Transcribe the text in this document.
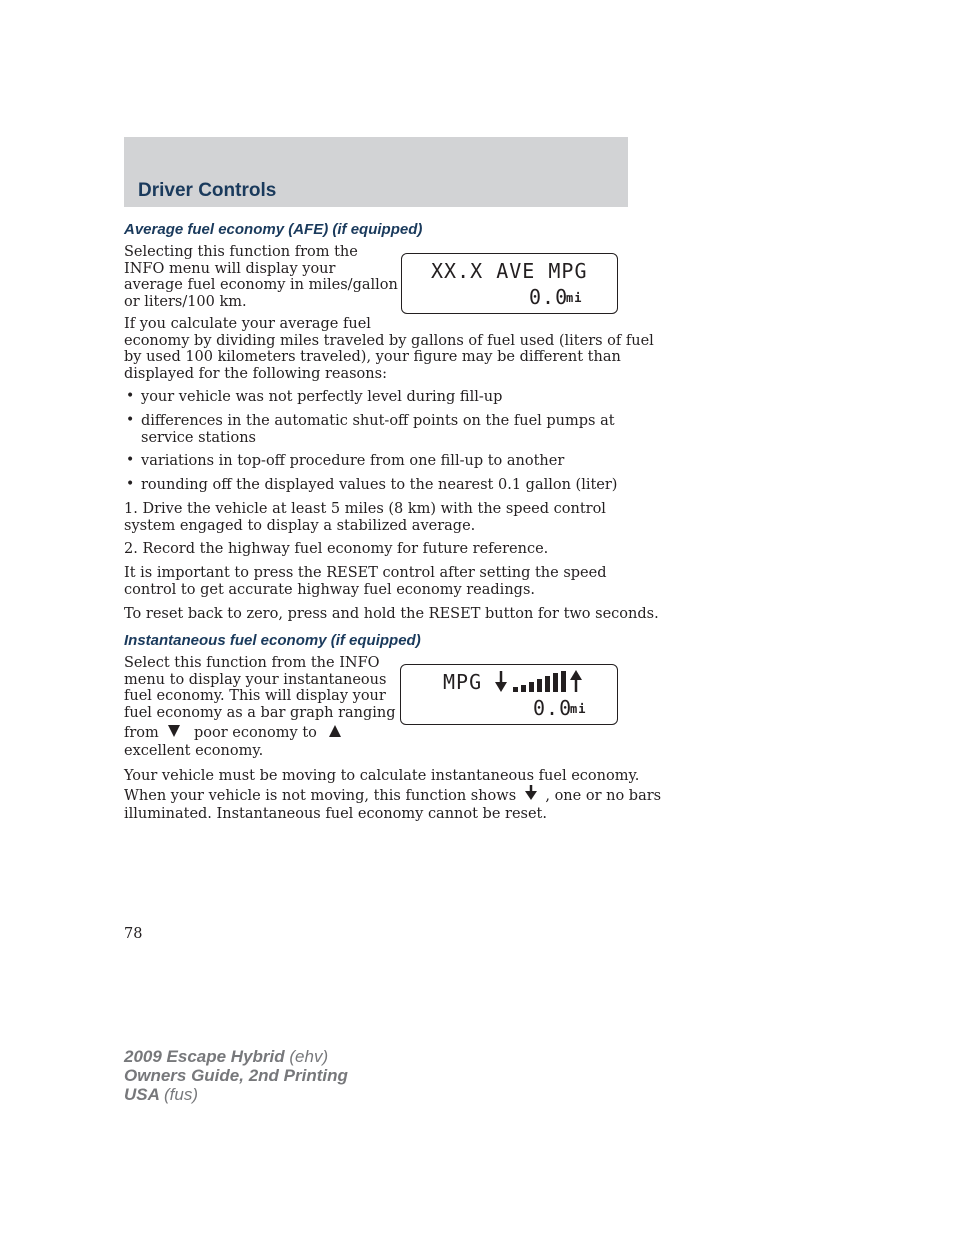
Driver Controls
Average fuel economy (AFE) (if equipped)
Selecting this function from the
INFO menu will display your
average fuel economy in miles/gallon
or liters/100 km.
XX.X AVE MPG
0.0
mi
If you calculate your average fuel
economy by dividing miles traveled by gallons of fuel used (liters of fuel
by used 100 kilometers traveled), your figure may be different than
displayed for the following reasons:
• your vehicle was not perfectly level during fill-up
• differences in the automatic shut-off points on the fuel pumps at
service stations
• variations in top-off procedure from one fill-up to another
• rounding off the displayed values to the nearest 0.1 gallon (liter)
1. Drive the vehicle at least 5 miles (8 km) with the speed control
system engaged to display a stabilized average.
2. Record the highway fuel economy for future reference.
It is important to press the RESET control after setting the speed
control to get accurate highway fuel economy readings.
To reset back to zero, press and hold the RESET button for two seconds.
Instantaneous fuel economy (if equipped)
Select this function from the INFO
menu to display your instantaneous
fuel economy. This will display your
fuel economy as a bar graph ranging
from poor economy to
excellent economy.
MPG
0.0
mi
Your vehicle must be moving to calculate instantaneous fuel economy.
When your vehicle is not moving, this function shows , one or no bars
illuminated. Instantaneous fuel economy cannot be reset.
78
2009 Escape Hybrid (ehv)
Owners Guide, 2nd Printing
USA (fus)
